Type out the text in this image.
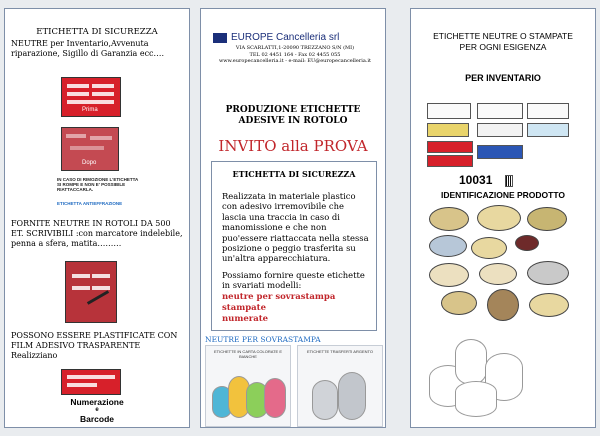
ETICHETTA DI SICUREZZA
NEUTRE per Inventario,Avvenuta riparazione, Sigillo di Garanzia ecc.…
Prima
Dopo
IN CASO DI RIMOZIONE L'ETICHETTA SI ROMPE E NON E' POSSIBILE RIATTACCARLA.
ETICHETTA ANTIEFFRAZIONE
FORNITE NEUTRE IN ROTOLI DA 500 ET. SCRIVIBILI :con marcatore indelebile, penna a sfera, matita………
POSSONO ESSERE PLASTIFICATE CON FILM ADESIVO TRASPARENTE Realizziano
Numerazione
e
Barcode
EUROPE Cancelleria srl
VIA SCARLATTI,1-20090 TREZZANO S/N (MI)
TEL 02 4451 164 - Fax 02 4455 055
www.europecancelleria.it - e-mail: EU@europecancelleria.it
PRODUZIONE ETICHETTE
ADESIVE IN ROTOLO
INVITO alla PROVA
ETICHETTA DI SICUREZZA
Realizzata in materiale plastico con adesivo irremovibile che lascia una traccia in caso di manomissione e che non puo'essere riattaccata nella stessa posizione o peggio trasferita su un'altra apparecchiatura.
Possiamo fornire queste etichette in svariati modelli:
neutre per sovrastampa
stampate
numerate
NEUTRE PER SOVRASTAMPA
ETICHETTE IN CARTA COLORATE E BIANCHE
ETICHETTE TRASFERTI ARGENTO
ETICHETTE NEUTRE O STAMPATE
PER OGNI ESIGENZA
PER INVENTARIO
10031
IDENTIFICAZIONE PRODOTTO
